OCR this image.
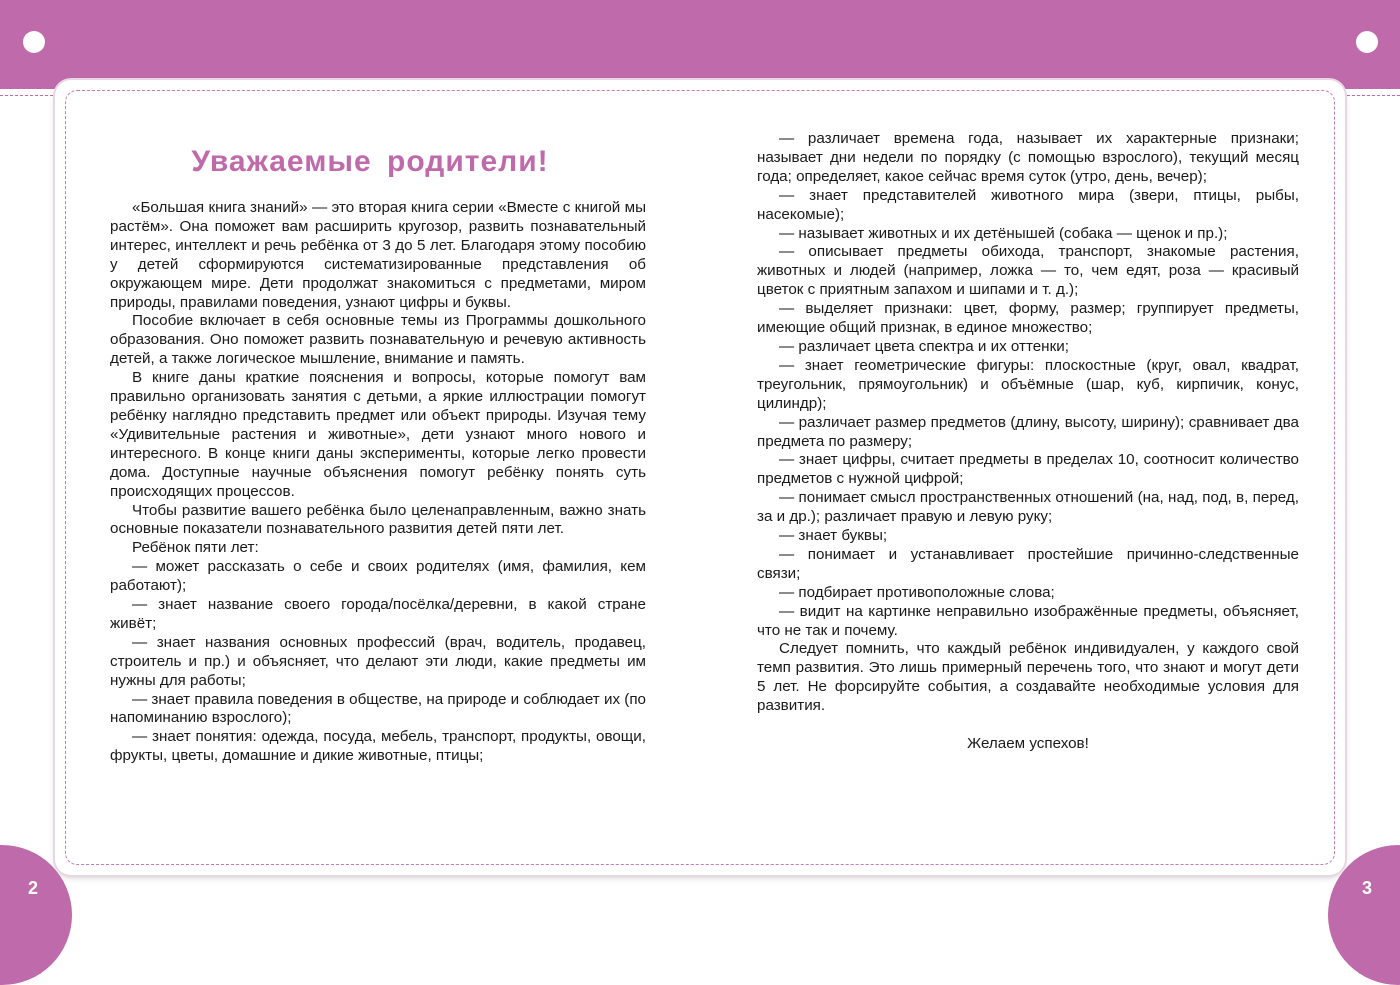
2	3
Уважаемые родители!

«Большая книга знаний» — это вторая книга серии «Вместе с книгой мы растём». Она поможет вам расширить кругозор, развить познавательный интерес, интеллект и речь ребёнка от 3 до 5 лет. Благодаря этому пособию у детей сформируются систематизированные представления об окружающем мире. Дети продолжат знакомиться с предметами, миром природы, правилами поведения, узнают цифры и буквы.

Пособие включает в себя основные темы из Программы дошкольного образования. Оно поможет развить познавательную и речевую активность детей, а также логическое мышление, внимание и память.

В книге даны краткие пояснения и вопросы, которые помогут вам правильно организовать занятия с детьми, а яркие иллюстрации помогут ребёнку наглядно представить предмет или объект природы. Изучая тему «Удивительные растения и животные», дети узнают много нового и интересного. В конце книги даны эксперименты, которые легко провести дома. Доступные научные объяснения помогут ребёнку понять суть происходящих процессов.

Чтобы развитие вашего ребёнка было целенаправленным, важно знать основные показатели познавательного развития детей пяти лет.

Ребёнок пяти лет:

— может рассказать о себе и своих родителях (имя, фамилия, кем работают);

— знает название своего города/посёлка/деревни, в какой стране живёт;

— знает названия основных профессий (врач, водитель, продавец, строитель и пр.) и объясняет, что делают эти люди, какие предметы им нужны для работы;

— знает правила поведения в обществе, на природе и соблюдает их (по напоминанию взрослого);

— знает понятия: одежда, посуда, мебель, транспорт, продукты, овощи, фрукты, цветы, домашние и дикие животные, птицы;

— различает времена года, называет их характерные признаки; называет дни недели по порядку (с помощью взрослого), текущий месяц года; определяет, какое сейчас время суток (утро, день, вечер);

— знает представителей животного мира (звери, птицы, рыбы, насекомые);

— называет животных и их детёнышей (собака — щенок и пр.);

— описывает предметы обихода, транспорт, знакомые растения, животных и людей (например, ложка — то, чем едят, роза — красивый цветок с приятным запахом и шипами и т. д.);

— выделяет признаки: цвет, форму, размер; группирует предметы, имеющие общий признак, в единое множество;

— различает цвета спектра и их оттенки;

— знает геометрические фигуры: плоскостные (круг, овал, квадрат, треугольник, прямоугольник) и объёмные (шар, куб, кирпичик, конус, цилиндр);

— различает размер предметов (длину, высоту, ширину); сравнивает два предмета по размеру;

— знает цифры, считает предметы в пределах 10, соотносит количество предметов с нужной цифрой;

— понимает смысл пространственных отношений (на, над, под, в, перед, за и др.); различает правую и левую руку;

— знает буквы;

— понимает и устанавливает простейшие причинно-следственные связи;

— подбирает противоположные слова;

— видит на картинке неправильно изображённые предметы, объясняет, что не так и почему.

Следует помнить, что каждый ребёнок индивидуален, у каждого свой темп развития. Это лишь примерный перечень того, что знают и могут дети 5 лет. Не форсируйте события, а создавайте необходимые условия для развития.

Желаем успехов!
